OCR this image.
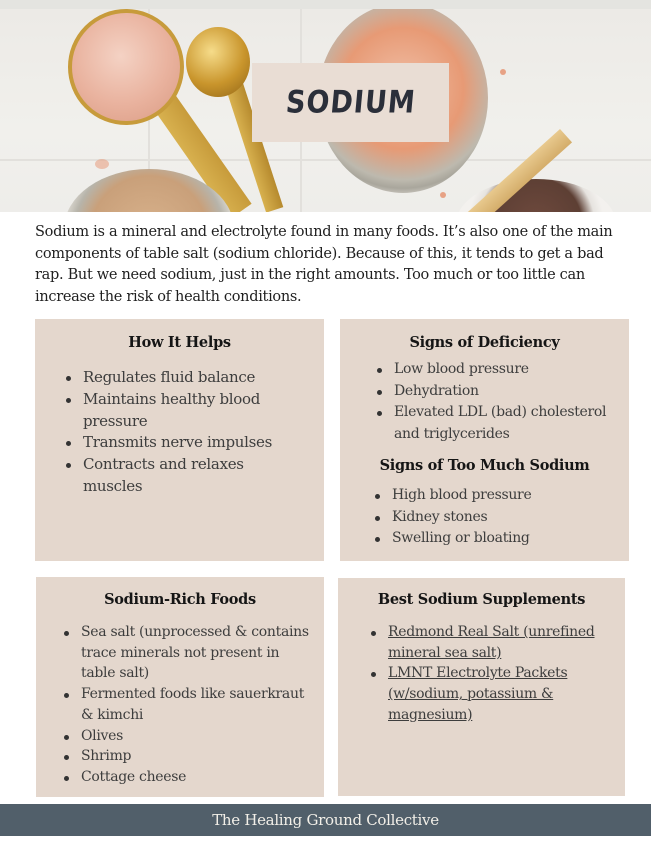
SODIUM

Sodium is a mineral and electrolyte found in many foods. It’s also one of the main components of table salt (sodium chloride). Because of this, it tends to get a bad rap. But we need sodium, just in the right amounts. Too much or too little can increase the risk of health conditions.

How It Helps
Regulates fluid balance
Maintains healthy blood pressure
Transmits nerve impulses
Contracts and relaxes muscles
Signs of Deficiency
Low blood pressure
Dehydration
Elevated LDL (bad) cholesterol and triglycerides
Signs of Too Much Sodium
High blood pressure
Kidney stones
Swelling or bloating
Sodium-Rich Foods
Sea salt (unprocessed & contains trace minerals not present in table salt)
Fermented foods like sauerkraut & kimchi
Olives
Shrimp
Cottage cheese
Best Sodium Supplements
Redmond Real Salt (unrefined mineral sea salt)
LMNT Electrolyte Packets (w/sodium, potassium & magnesium)
The Healing Ground Collective
